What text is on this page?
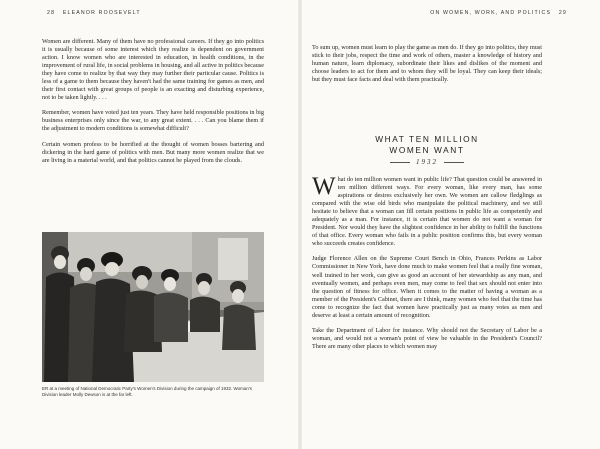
28 ELEANOR ROOSEVELT

Women are different. Many of them have no professional careers. If they go into politics it is usually because of some interest which they realize is dependent on government action. I know women who are interested in education, in health conditions, in the improvement of rural life, in social problems in housing, and all active in politics because they have come to realize by that way they may further their particular cause. Politics is less of a game to them because they haven't had the same training for games as men, and their first contact with great groups of people is an exacting and disturbing experience, not to be taken lightly. . . .

Remember, women have voted just ten years. They have held responsible positions in big business enterprises only since the war, to any great extent. . . . Can you blame them if the adjustment to modern conditions is somewhat difficult?

Certain women profess to be horrified at the thought of women bosses bartering and dickering in the hard game of politics with men. But many more women realize that we are living in a material world, and that politics cannot be played from the clouds.

ER at a meeting of National Democratic Party's Women's Division during the campaign of 1932. Woman's Division leader Molly Dewson is at the far left.
ON WOMEN, WORK, AND POLITICS 29

To sum up, women must learn to play the game as men do. If they go into politics, they must stick to their jobs, respect the time and work of others, master a knowledge of history and human nature, learn diplomacy, subordinate their likes and dislikes of the moment and choose leaders to act for them and to whom they will be loyal. They can keep their ideals; but they must face facts and deal with them practically.

WHAT TEN MILLION
WOMEN WANT
1932

What do ten million women want in public life? That question could be answered in ten million different ways. For every woman, like every man, has some aspirations or desires exclusively her own. We women are callow fledglings as compared with the wise old birds who manipulate the political machinery, and we still hesitate to believe that a woman can fill certain positions in public life as competently and adequately as a man. For instance, it is certain that women do not want a woman for President. Nor would they have the slightest confidence in her ability to fulfill the functions of that office. Every woman who fails in a public position confirms this, but every woman who succeeds creates confidence.

Judge Florence Allen on the Supreme Court Bench in Ohio, Frances Perkins as Labor Commissioner in New York, have done much to make women feel that a really fine woman, well trained in her work, can give as good an account of her stewardship as any man, and eventually women, and perhaps even men, may come to feel that sex should not enter into the question of fitness for office. When it comes to the matter of having a woman as a member of the President's Cabinet, there are I think, many women who feel that the time has come to recognize the fact that women have practically just as many votes as men and deserve at least a certain amount of recognition.

Take the Department of Labor for instance. Why should not the Secretary of Labor be a woman, and would not a woman's point of view be valuable in the President's Council? There are many other places to which women may
